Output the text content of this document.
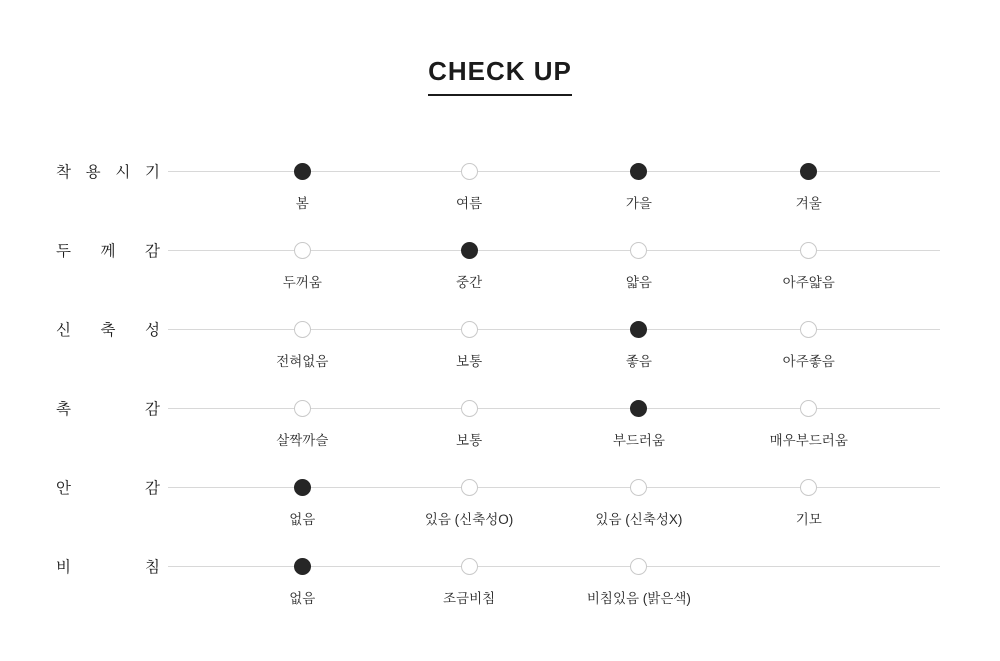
CHECK UP
착 용 시 기
봄	여름	가을	겨울
두 께 감
두꺼움	중간	얇음	아주얇음
신 축 성
전혀없음	보통	좋음	아주좋음
촉	감
살짝까슬	보통	부드러움	매우부드러움
안	감
없음	있음 (신축성O)	있음 (신축성X)	기모
비	침
없음	조금비침	비침있음 (밝은색)
